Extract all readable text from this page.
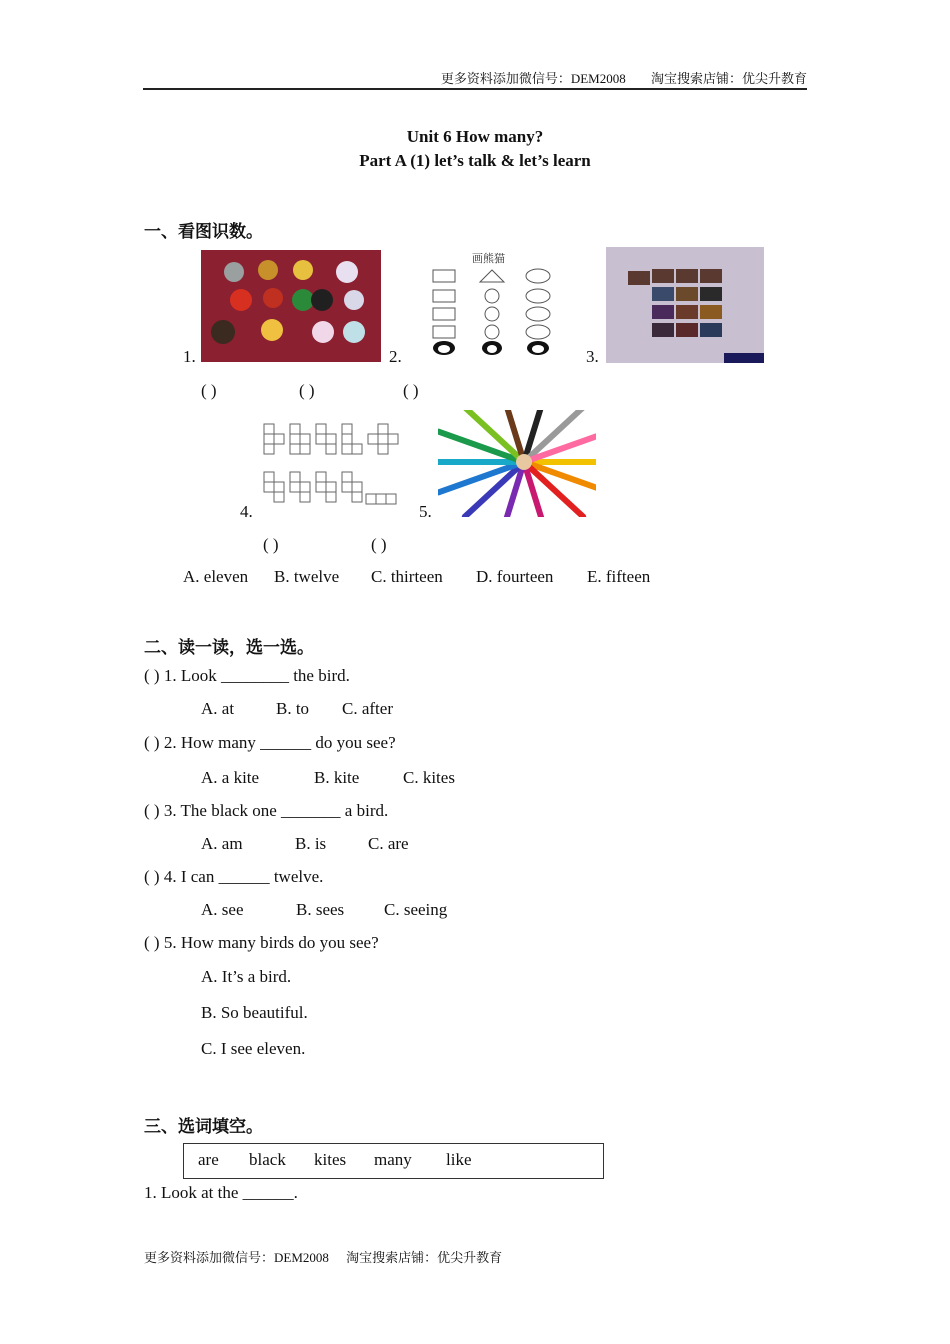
更多资料添加微信号：DEM2008 淘宝搜索店铺：优尖升教育
Unit 6 How many?
Part A (1) let’s talk & let’s learn
一、看图识数。
1.	2.
画熊猫
3.
( )	( )	( )
4.	5.
( )	( )
A. eleven B. twelve C. thirteen D. fourteen E. fifteen
二、读一读，选一选。
( ) 1. Look ________ the bird.
A. at B. to C. after
( ) 2. How many ______ do you see?
A. a kite	B. kite	C. kites
( ) 3. The black one _______ a bird.
A. am	B. is C. are
( ) 4. I can ______ twelve.
A. see	B. sees C. seeing
( ) 5. How many birds do you see?
A. It’s a bird.
B. So beautiful.
C. I see eleven.
三、选词填空。
are black kites many like
1. Look at the ______.
更多资料添加微信号：DEM2008 淘宝搜索店铺：优尖升教育
